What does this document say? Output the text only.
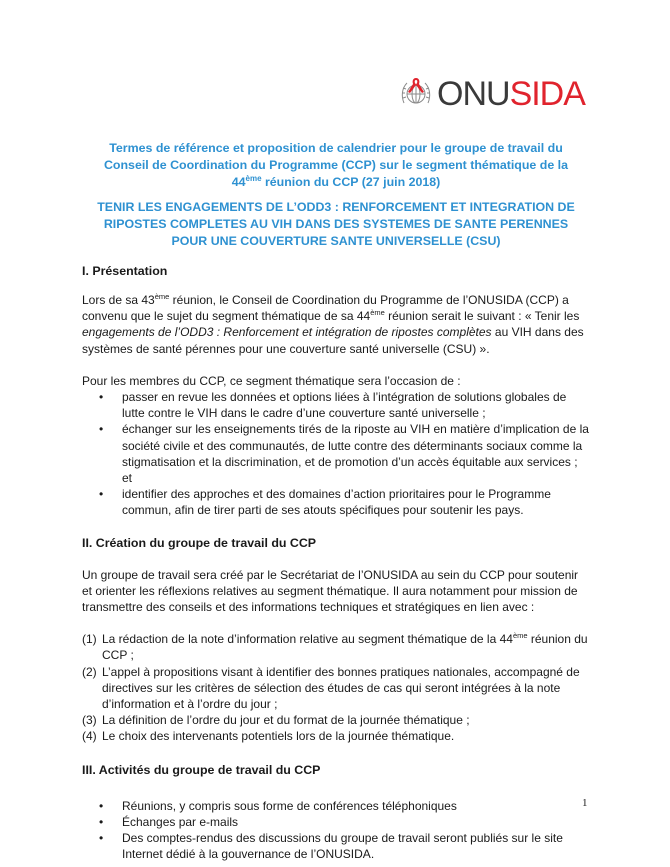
ONUSIDA
Termes de référence et proposition de calendrier pour le groupe de travail du
Conseil de Coordination du Programme (CCP) sur le segment thématique de la
44ème réunion du CCP (27 juin 2018)
TENIR LES ENGAGEMENTS DE L’ODD3 : RENFORCEMENT ET INTEGRATION DE
RIPOSTES COMPLETES AU VIH DANS DES SYSTEMES DE SANTE PERENNES
POUR UNE COUVERTURE SANTE UNIVERSELLE (CSU)
I. Présentation

Lors de sa 43ème réunion, le Conseil de Coordination du Programme de l’ONUSIDA (CCP) a convenu que le sujet du segment thématique de sa 44ème réunion serait le suivant : « Tenir les engagements de l’ODD3 : Renforcement et intégration de ripostes complètes au VIH dans des systèmes de santé pérennes pour une couverture santé universelle (CSU) ».

Pour les membres du CCP, ce segment thématique sera l’occasion de :

• passer en revue les données et options liées à l’intégration de solutions globales de lutte contre le VIH dans le cadre d’une couverture santé universelle ;
• échanger sur les enseignements tirés de la riposte au VIH en matière d’implication de la société civile et des communautés, de lutte contre des déterminants sociaux comme la stigmatisation et la discrimination, et de promotion d’un accès équitable aux services ; et
• identifier des approches et des domaines d’action prioritaires pour le Programme commun, afin de tirer parti de ses atouts spécifiques pour soutenir les pays.
II. Création du groupe de travail du CCP

Un groupe de travail sera créé par le Secrétariat de l’ONUSIDA au sein du CCP pour soutenir et orienter les réflexions relatives au segment thématique. Il aura notamment pour mission de transmettre des conseils et des informations techniques et stratégiques en lien avec :

(1) La rédaction de la note d’information relative au segment thématique de la 44ème réunion du CCP ;
(2) L’appel à propositions visant à identifier des bonnes pratiques nationales, accompagné de directives sur les critères de sélection des études de cas qui seront intégrées à la note d’information et à l’ordre du jour ;
(3) La définition de l’ordre du jour et du format de la journée thématique ;
(4) Le choix des intervenants potentiels lors de la journée thématique.
III. Activités du groupe de travail du CCP
• Réunions, y compris sous forme de conférences téléphoniques
• Échanges par e-mails
• Des comptes-rendus des discussions du groupe de travail seront publiés sur le site Internet dédié à la gouvernance de l’ONUSIDA.
1
